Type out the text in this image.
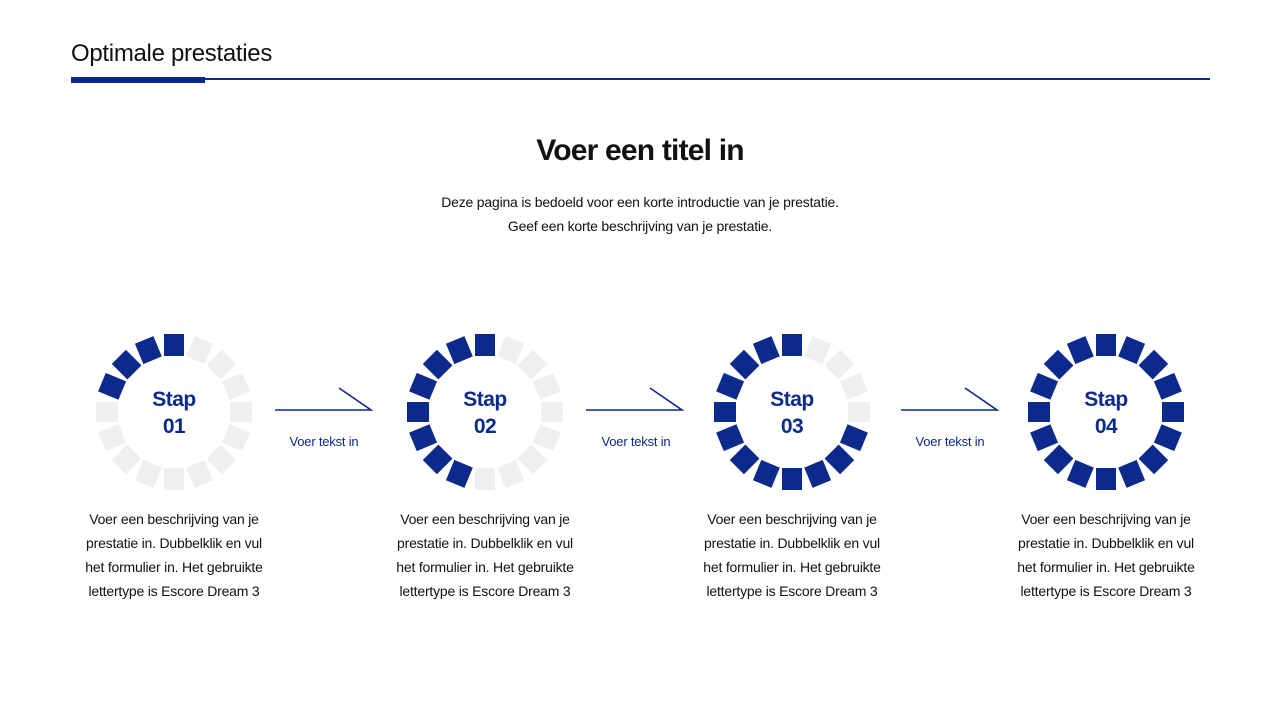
Optimale prestaties
Voer een titel in
Deze pagina is bedoeld voor een korte introductie van je prestatie.
Geef een korte beschrijving van je prestatie.
Stap
01
Stap
02
Stap
03
Stap
04
Voer tekst in	Voer tekst in	Voer tekst in
Voer een beschrijving van je
prestatie in. Dubbelklik en vul
het formulier in. Het gebruikte
lettertype is Escore Dream 3
Voer een beschrijving van je
prestatie in. Dubbelklik en vul
het formulier in. Het gebruikte
lettertype is Escore Dream 3
Voer een beschrijving van je
prestatie in. Dubbelklik en vul
het formulier in. Het gebruikte
lettertype is Escore Dream 3
Voer een beschrijving van je
prestatie in. Dubbelklik en vul
het formulier in. Het gebruikte
lettertype is Escore Dream 3
